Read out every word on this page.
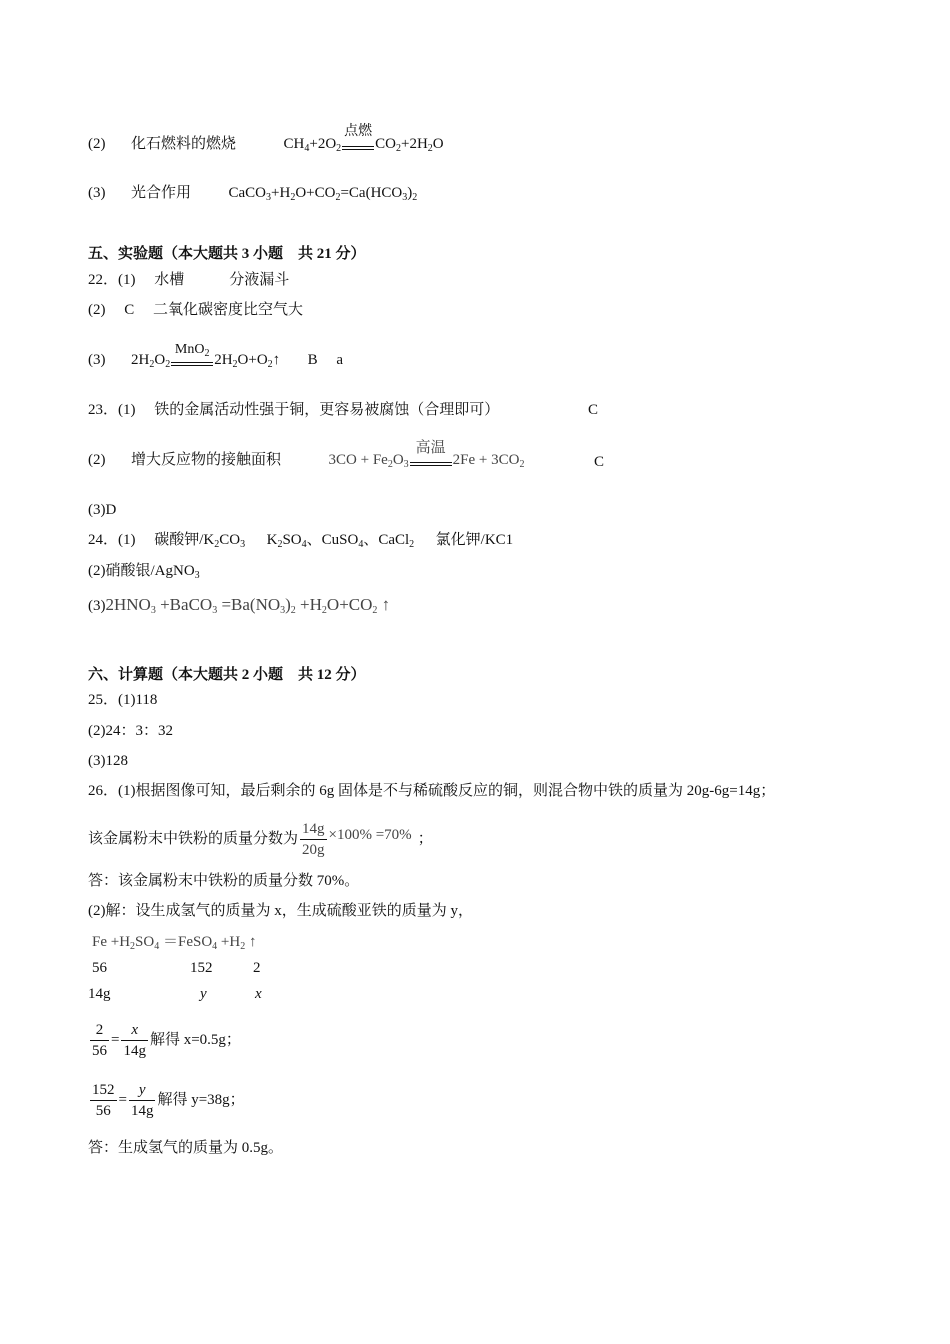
(2) 化石燃料的燃烧	$CH_4+2O_2$
点燃
$CO_2+2H_2O$
(3) 光合作用	$CaCO_3+H_2O+CO_2=Ca(HCO_3)_2$
五、实验题（本大题共 3 小题　共 21 分）
22．(1)　 水槽　　　分液漏斗
(2)　 C　 二氧化碳密度比空气大
(3) $2H_2O_2$
MnO$_2$ $2H_2O+O_2↑$ B　 a
23．(1)　 铁的金属活动性强于铜，更容易被腐蚀（合理即可）	C
(2) 增大反应物的接触面积	$3CO + Fe_2O_3$
高温
$2Fe + 3CO_2$	C
(3)D
24．(1)　 碳酸钾$/K_2CO_3$ $K_2SO_4$、CuSO$_4$、CaCl$_2$ 氯化钾/KC1
(2)硝酸银/AgNO$_3$
$(3)2HNO_3$ +BaCO$_3$ $=Ba(NO_3)_2 +H_2O+CO_2$ ↑
六、计算题（本大题共 2 小题　共 12 分）
25．(1)118
(2)24：3：32
(3)128
26．(1)根据图像可知，最后剩余的 6g 固体是不与稀硫酸反应的铜，则混合物中铁的质量为 20g-6g=14g；
该金属粉末中铁粉的质量分数为 $\frac{14g}{20g} \times 100\% =70\%$ ；
答：该金属粉末中铁粉的质量分数 70%。
(2)解：设生成氢气的质量为 x，生成硫酸亚铁的质量为 y，
$Fe +H_2SO_4$ ＝FeSO$_4$ $+H_2$ ↑
56	152	2
14g	y	x
$\frac{2}{56} = \frac{x}{14g}$ 解得 x=0.5g；
$\frac{152}{56} = \frac{y}{14g}$ 解得 y=38g；
答：生成氢气的质量为 0.5g。
